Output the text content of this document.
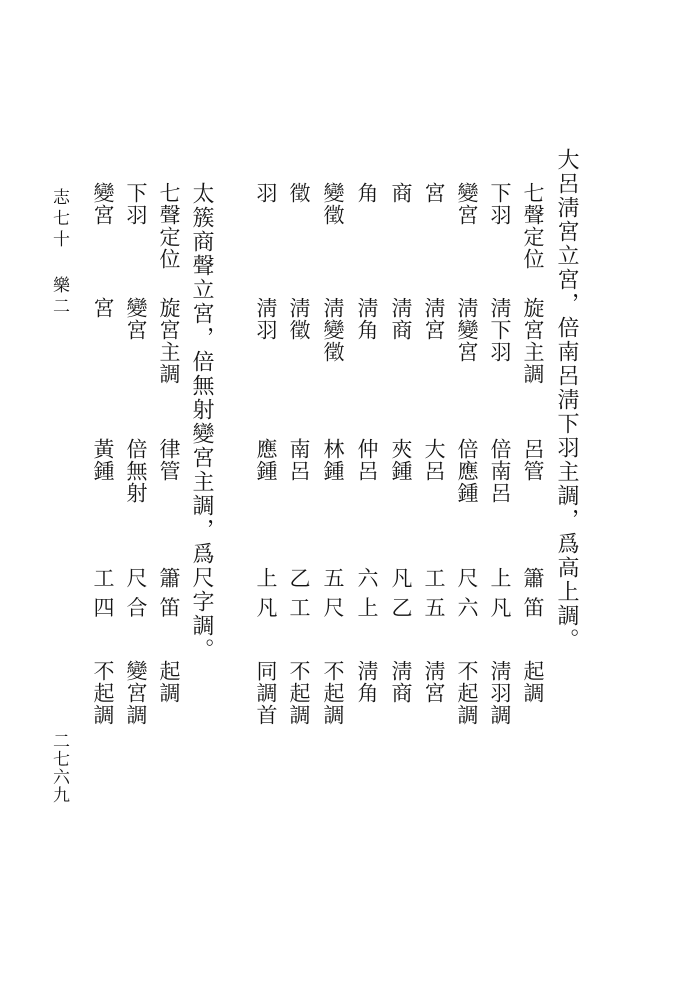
大呂淸宮立宮，倍南呂淸下羽主調，爲高上調。
七聲定位
旋宮主調
呂管
簫 笛
起調
下羽
淸下羽
倍南呂
上 凡
淸羽調
變宮
淸變宮
倍應鍾
尺 六
不起調
宮
淸宮
大呂
工 五
淸宮
商
淸商
夾鍾
凡 乙
淸商
角
淸角
仲呂
六 上
淸角
變徵
淸變徵
林鍾
五 尺
不起調
徵
淸徵
南呂
乙 工
不起調
羽
淸羽
應鍾
上 凡
同調首
太簇商聲立宮，倍無射變宮主調，爲尺字調。
七聲定位
旋宮主調
律管
簫 笛
起調
下羽
變宮
倍無射
尺 合
變宮調
變宮
宮
黃鍾
工 四
不起調
志七十
樂二
二七六九
